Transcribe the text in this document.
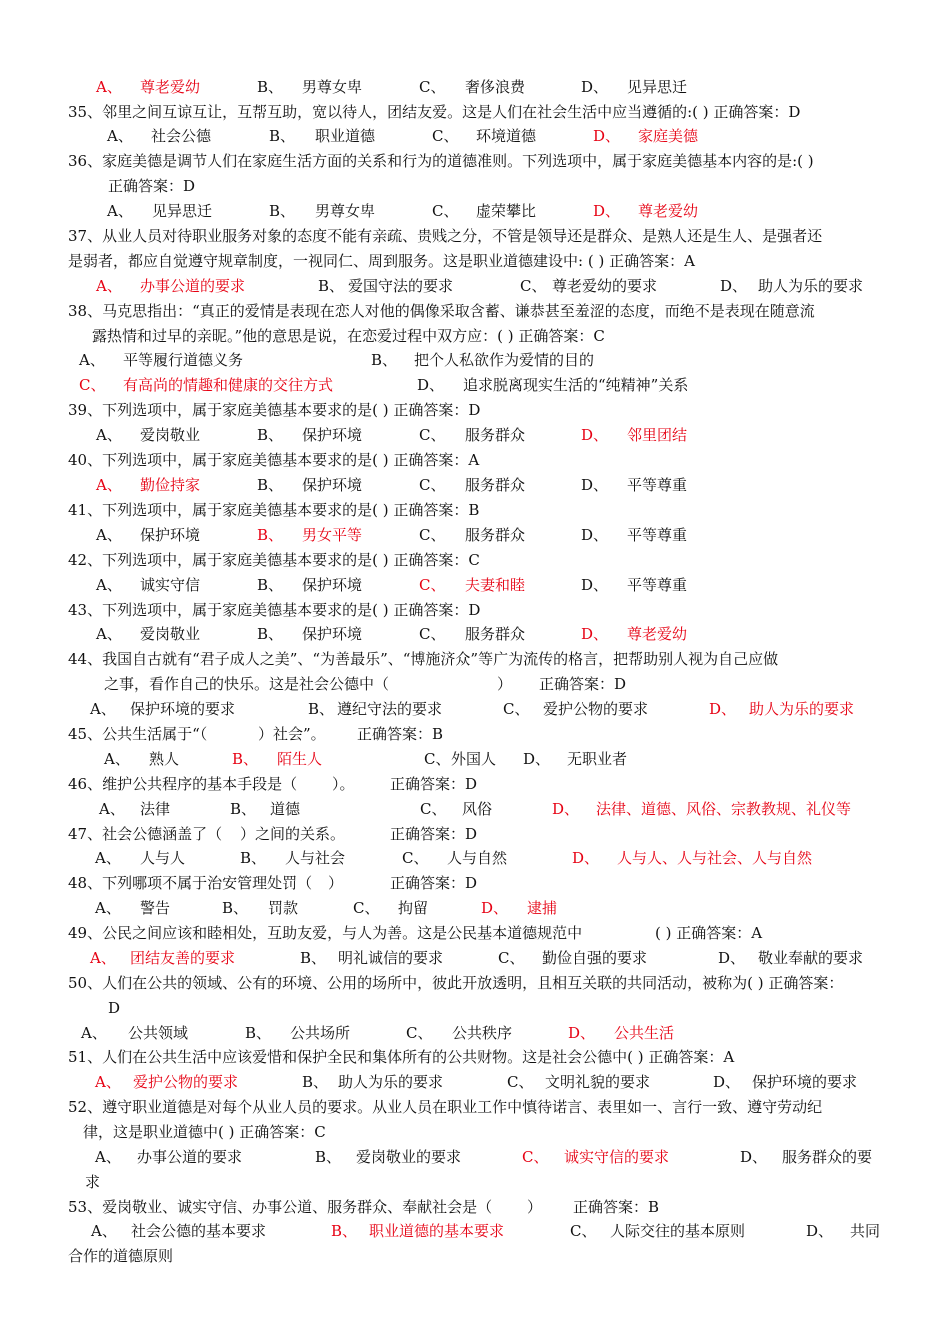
A、 尊老爱幼	B、 男尊女卑	C、 奢侈浪费	D、 见异思迁
35、邻里之间互谅互让，互帮互助，宽以待人，团结友爱。这是人们在社会生活中应当遵循的:( ) 正确答案：D
A、 社会公德	B、 职业道德	C、 环境道德	D、 家庭美德
36、家庭美德是调节人们在家庭生活方面的关系和行为的道德准则。下列选项中，属于家庭美德基本内容的是:( )
正确答案：D
A、 见异思迁	B、 男尊女卑	C、 虚荣攀比	D、 尊老爱幼
37、从业人员对待职业服务对象的态度不能有亲疏、贵贱之分，不管是领导还是群众、是熟人还是生人、是强者还
是弱者，都应自觉遵守规章制度，一视同仁、周到服务。这是职业道德建设中: ( ) 正确答案：A
A、 办事公道的要求	B、 爱国守法的要求	C、 尊老爱幼的要求	D、 助人为乐的要求
38、马克思指出：“真正的爱情是表现在恋人对他的偶像采取含蓄、谦恭甚至羞涩的态度，而绝不是表现在随意流
露热情和过早的亲昵。”他的意思是说，在恋爱过程中双方应：( ) 正确答案：C
A、 平等履行道德义务	B、 把个人私欲作为爱情的目的
C、 有高尚的情趣和健康的交往方式	D、 追求脱离现实生活的“纯精神”关系
39、下列选项中，属于家庭美德基本要求的是( ) 正确答案：D
A、 爱岗敬业	B、 保护环境	C、 服务群众	D、 邻里团结
40、下列选项中，属于家庭美德基本要求的是( ) 正确答案：A
A、 勤俭持家	B、 保护环境	C、 服务群众	D、 平等尊重
41、下列选项中，属于家庭美德基本要求的是( ) 正确答案：B
A、 保护环境	B、 男女平等	C、 服务群众	D、 平等尊重
42、下列选项中，属于家庭美德基本要求的是( ) 正确答案：C
A、 诚实守信	B、 保护环境	C、 夫妻和睦	D、 平等尊重
43、下列选项中，属于家庭美德基本要求的是( ) 正确答案：D
A、 爱岗敬业	B、 保护环境	C、 服务群众	D、 尊老爱幼
44、我国自古就有“君子成人之美”、“为善最乐”、“博施济众”等广为流传的格言，把帮助别人视为自己应做
之事，看作自己的快乐。这是社会公德中（	） 正确答案：D
A、 保护环境的要求	B、 遵纪守法的要求	C、 爱护公物的要求	D、 助人为乐的要求
45、公共生活属于“（	）社会”。 正确答案：B
A、 熟人	B、 陌生人	C、 外国人 D、 无职业者
46、维护公共程序的基本手段是（ ）。 正确答案：D
A、 法律	B、 道德	C、 风俗	D、 法律、道德、风俗、宗教教规、礼仪等
47、社会公德涵盖了（ ）之间的关系。	正确答案：D
A、 人与人	B、 人与社会	C、 人与自然	D、 人与人、人与社会、人与自然
48、下列哪项不属于治安管理处罚（ ）	正确答案：D
A、 警告	B、 罚款	C、 拘留	D、 逮捕
49、公民之间应该和睦相处，互助友爱，与人为善。这是公民基本道德规范中	( ) 正确答案：A
A、 团结友善的要求	B、 明礼诚信的要求	C、 勤俭自强的要求	D、 敬业奉献的要求
50、人们在公共的领域、公有的环境、公用的场所中，彼此开放透明，且相互关联的共同活动，被称为( ) 正确答案：
D
A、 公共领域	B、 公共场所	C、 公共秩序	D、 公共生活
51、人们在公共生活中应该爱惜和保护全民和集体所有的公共财物。这是社会公德中( ) 正确答案：A
A、 爱护公物的要求	B、 助人为乐的要求	C、 文明礼貌的要求	D、 保护环境的要求
52、遵守职业道德是对每个从业人员的要求。从业人员在职业工作中慎待诺言、表里如一、言行一致、遵守劳动纪
律，这是职业道德中( ) 正确答案：C
A、 办事公道的要求	B、 爱岗敬业的要求	C、 诚实守信的要求	D、 服务群众的要
求
53、爱岗敬业、诚实守信、办事公道、服务群众、奉献社会是（ ） 正确答案：B
A、 社会公德的基本要求	B、 职业道德的基本要求	C、 人际交往的基本原则	D、 共同
合作的道德原则
